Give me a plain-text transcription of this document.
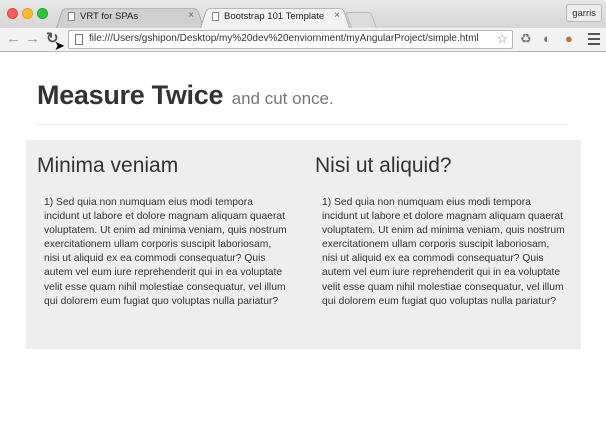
VRT for SPAs	×	Bootstrap 101 Template ×	garris
← → ↻	file:///Users/gshipon/Desktop/my%20dev%20enviornment/myAngularProject/simple.html ☆ ♻ ◐ ●
➤
Measure Twice and cut once.
Minima veniam

1) Sed quia non numquam eius modi tempora incidunt ut labore et dolore magnam aliquam quaerat voluptatem. Ut enim ad minima veniam, quis nostrum exercitationem ullam corporis suscipit laboriosam, nisi ut aliquid ex ea commodi consequatur? Quis autem vel eum iure reprehenderit qui in ea voluptate velit esse quam nihil molestiae consequatur, vel illum qui dolorem eum fugiat quo voluptas nulla pariatur?

Nisi ut aliquid?

1) Sed quia non numquam eius modi tempora incidunt ut labore et dolore magnam aliquam quaerat voluptatem. Ut enim ad minima veniam, quis nostrum exercitationem ullam corporis suscipit laboriosam, nisi ut aliquid ex ea commodi consequatur? Quis autem vel eum iure reprehenderit qui in ea voluptate velit esse quam nihil molestiae consequatur, vel illum qui dolorem eum fugiat quo voluptas nulla pariatur?
